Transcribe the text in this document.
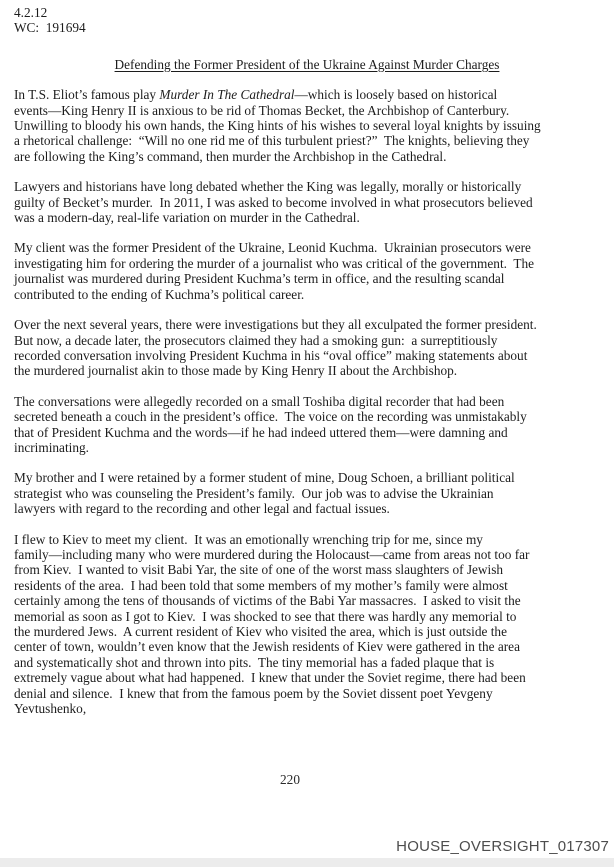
4.2.12
WC:  191694
Defending the Former President of the Ukraine Against Murder Charges

In T.S. Eliot’s famous play Murder In The Cathedral—which is loosely based on historical
events—King Henry II is anxious to be rid of Thomas Becket, the Archbishop of Canterbury.
Unwilling to bloody his own hands, the King hints of his wishes to several loyal knights by issuing
a rhetorical challenge:  “Will no one rid me of this turbulent priest?”  The knights, believing they
are following the King’s command, then murder the Archbishop in the Cathedral.

Lawyers and historians have long debated whether the King was legally, morally or historically
guilty of Becket’s murder.  In 2011, I was asked to become involved in what prosecutors believed
was a modern-day, real-life variation on murder in the Cathedral.

My client was the former President of the Ukraine, Leonid Kuchma.  Ukrainian prosecutors were
investigating him for ordering the murder of a journalist who was critical of the government.  The
journalist was murdered during President Kuchma’s term in office, and the resulting scandal
contributed to the ending of Kuchma’s political career.

Over the next several years, there were investigations but they all exculpated the former president.
But now, a decade later, the prosecutors claimed they had a smoking gun:  a surreptitiously
recorded conversation involving President Kuchma in his “oval office” making statements about
the murdered journalist akin to those made by King Henry II about the Archbishop.

The conversations were allegedly recorded on a small Toshiba digital recorder that had been
secreted beneath a couch in the president’s office.  The voice on the recording was unmistakably
that of President Kuchma and the words—if he had indeed uttered them—were damning and
incriminating.

My brother and I were retained by a former student of mine, Doug Schoen, a brilliant political
strategist who was counseling the President’s family.  Our job was to advise the Ukrainian
lawyers with regard to the recording and other legal and factual issues.

I flew to Kiev to meet my client.  It was an emotionally wrenching trip for me, since my
family—including many who were murdered during the Holocaust—came from areas not too far
from Kiev.  I wanted to visit Babi Yar, the site of one of the worst mass slaughters of Jewish
residents of the area.  I had been told that some members of my mother’s family were almost
certainly among the tens of thousands of victims of the Babi Yar massacres.  I asked to visit the
memorial as soon as I got to Kiev.  I was shocked to see that there was hardly any memorial to
the murdered Jews.  A current resident of Kiev who visited the area, which is just outside the
center of town, wouldn’t even know that the Jewish residents of Kiev were gathered in the area
and systematically shot and thrown into pits.  The tiny memorial has a faded plaque that is
extremely vague about what had happened.  I knew that under the Soviet regime, there had been
denial and silence.  I knew that from the famous poem by the Soviet dissent poet Yevgeny
Yevtushenko,

220
HOUSE_OVERSIGHT_017307
